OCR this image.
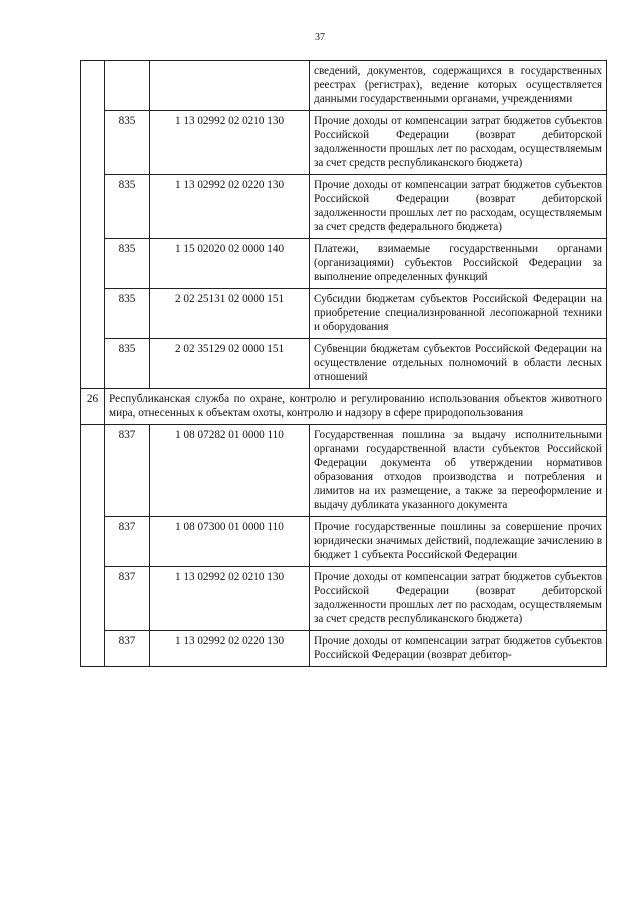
37
			сведений, документов, содержащихся в государственных реестрах (регистрах), ведение которых осуществляется данными государственными органами, учреждениями
	835	1 13 02992 02 0210 130	Прочие доходы от компенсации затрат бюджетов субъектов Российской Федерации (возврат дебиторской задолженности прошлых лет по расходам, осуществляемым за счет средств республиканского бюджета)
	835	1 13 02992 02 0220 130	Прочие доходы от компенсации затрат бюджетов субъектов Российской Федерации (возврат дебиторской задолженности прошлых лет по расходам, осуществляемым за счет средств федерального бюджета)
	835	1 15 02020 02 0000 140	Платежи, взимаемые государственными органами (организациями) субъектов Российской Федерации за выполнение определенных функций
	835	2 02 25131 02 0000 151	Субсидии бюджетам субъектов Российской Федерации на приобретение специализированной лесопожарной техники и оборудования
	835	2 02 35129 02 0000 151	Субвенции бюджетам субъектов Российской Федерации на осуществление отдельных полномочий в области лесных отношений
26	Республиканская служба по охране, контролю и регулированию использования объектов животного мира, отнесенных к объектам охоты, контролю и надзору в сфере природопользования		
	837	1 08 07282 01 0000 110	Государственная пошлина за выдачу исполнительными органами государственной власти субъектов Российской Федерации документа об утверждении нормативов образования отходов производства и потребления и лимитов на их размещение, а также за переоформление и выдачу дубликата указанного документа
	837	1 08 07300 01 0000 110	Прочие государственные пошлины за совершение прочих юридически значимых действий, подлежащие зачислению в бюджет 1 субъекта Российской Федерации
	837	1 13 02992 02 0210 130	Прочие доходы от компенсации затрат бюджетов субъектов Российской Федерации (возврат дебиторской задолженности прошлых лет по расходам, осуществляемым за счет средств республиканского бюджета)
	837	1 13 02992 02 0220 130	Прочие доходы от компенсации затрат бюджетов субъектов Российской Федерации (возврат дебитор-
